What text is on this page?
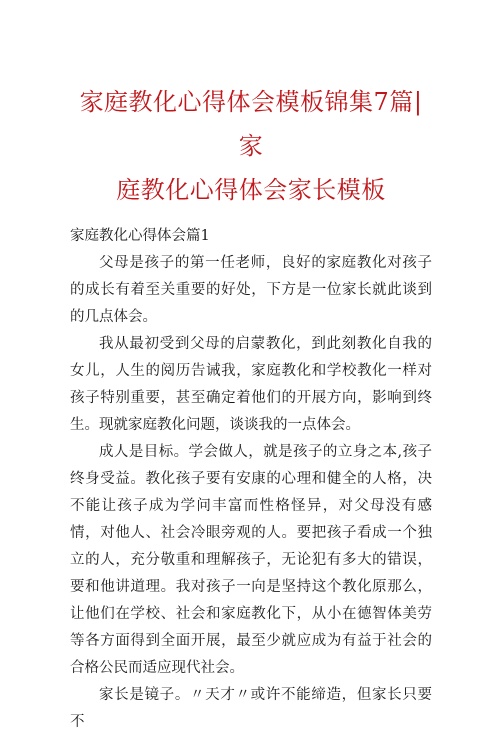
家庭教化心得体会模板锦集7篇|家
庭教化心得体会家长模板
家庭教化心得体会篇1

父母是孩子的第一任老师，良好的家庭教化对孩子的成长有着至关重要的好处，下方是一位家长就此谈到的几点体会。

我从最初受到父母的启蒙教化，到此刻教化自我的女儿，人生的阅历告诫我，家庭教化和学校教化一样对孩子特别重要，甚至确定着他们的开展方向，影响到终生。现就家庭教化问题，谈谈我的一点体会。

成人是目标。学会做人，就是孩子的立身之本,孩子终身受益。教化孩子要有安康的心理和健全的人格，决不能让孩子成为学问丰富而性格怪异，对父母没有感情，对他人、社会冷眼旁观的人。要把孩子看成一个独立的人，充分敬重和理解孩子，无论犯有多大的错误，要和他讲道理。我对孩子一向是坚持这个教化原那么，让他们在学校、社会和家庭教化下，从小在德智体美劳等各方面得到全面开展，最至少就应成为有益于社会的合格公民而适应现代社会。

家长是镜子。〃天才〃或许不能缔造，但家长只要不
